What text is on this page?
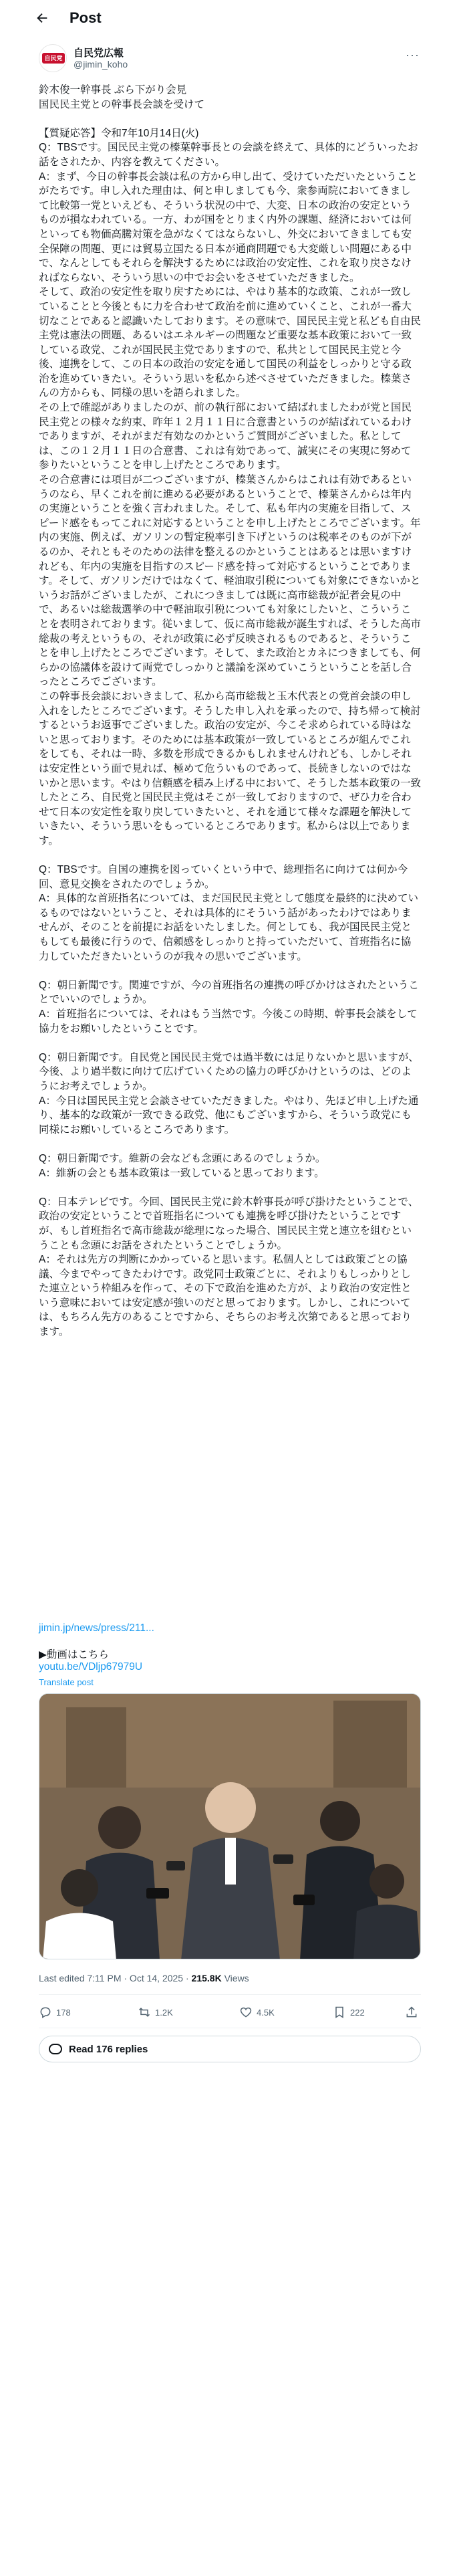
Post
自民党 自民党広報
@jimin_koho
···
鈴木俊一幹事長 ぶら下がり会見
国民民主党との幹事長会談を受けて

【質疑応答】令和7年10月14日(火)
Q：TBSです。国民民主党の榛葉幹事長との会談を終えて、具体的にどういったお話をされたか、内容を教えてください。
A：まず、今日の幹事長会談は私の方から申し出て、受けていただいたということがたちです。申し入れた理由は、何と申しましても今、衆参両院においてきまして比較第一党といえども、そういう状況の中で、大変、日本の政治の安定というものが損なわれている。一方、わが国をとりまく内外の課題、経済においては何といっても物価高騰対策を急がなくてはならないし、外交においてきましても安全保障の問題、更には貿易立国たる日本が通商問題でも大変厳しい問題にある中で、なんとしてもそれらを解決するためには政治の安定性、これを取り戻さなければならない、そういう思いの中でお会いをさせていただきました。
そして、政治の安定性を取り戻すためには、やはり基本的な政策、これが一致していることと今後ともに力を合わせて政治を前に進めていくこと、これが一番大切なことであると認識いたしております。その意味で、国民民主党と私ども自由民主党は憲法の問題、あるいはエネルギーの問題など重要な基本政策において一致している政党、これが国民民主党でありますので、私共として国民民主党と今後、連携をして、この日本の政治の安定を通して国民の利益をしっかりと守る政治を進めていきたい。そういう思いを私から述べさせていただきました。榛葉さんの方からも、同様の思いを語られました。
その上で確認がありましたのが、前の執行部において結ばれましたわが党と国民民主党との様々な約束、昨年１２月１１日に合意書というのが結ばれているわけでありますが、それがまだ有効なのかというご質問がございました。私としては、この１２月１１日の合意書、これは有効であって、誠実にその実現に努めて参りたいということを申し上げたところであります。
その合意書には項目が二つございますが、榛葉さんからはこれは有効であるというのなら、早くこれを前に進める必要があるということで、榛葉さんからは年内の実施ということを強く言われました。そして、私も年内の実施を目指して、スピード感をもってこれに対応するということを申し上げたところでございます。年内の実施、例えば、ガソリンの暫定税率引き下げというのは税率そのものが下がるのか、それともそのための法律を整えるのかということはあるとは思いますけれども、年内の実施を目指すのスピード感を持って対応するということであります。そして、ガソリンだけではなくて、軽油取引税についても対象にできないかというお話がございましたが、これにつきましては既に高市総裁が記者会見の中で、あるいは総裁選挙の中で軽油取引税についても対象にしたいと、こういうことを表明されております。従いまして、仮に高市総裁が誕生すれば、そうした高市総裁の考えというもの、それが政策に必ず反映されるものであると、そういうことを申し上げたところでございます。そして、また政治とカネにつきましても、何らかの協議体を設けて両党でしっかりと議論を深めていこうということを話し合ったところでございます。
この幹事長会談においきまして、私から高市総裁と玉木代表との党首会談の申し入れをしたところでございます。そうした申し入れを承ったので、持ち帰って検討するというお返事でございました。政治の安定が、今こそ求められている時はないと思っております。そのためには基本政策が一致しているところが組んでこれをしても、それは一時、多数を形成できるかもしれませんけれども、しかしそれは安定性という面で見れば、極めて危ういものであって、長続きしないのではないかと思います。やはり信頼感を積み上げる中において、そうした基本政策の一致したところ、自民党と国民民主党はそこが一致しておりますので、ぜひ力を合わせて日本の安定性を取り戻していきたいと、それを通じて様々な課題を解決していきたい、そういう思いをもっているところであります。私からは以上であります。

Q：TBSです。自国の連携を図っていくという中で、総理指名に向けては何か今回、意見交換をされたのでしょうか。
A：具体的な首班指名については、まだ国民民主党として態度を最終的に決めているものではないということ、それは具体的にそういう話があったわけではありませんが、そのことを前提にお話をいたしました。何としても、我が国民民主党ともしても最後に行うので、信頼感をしっかりと持っていただいて、首班指名に協力していただきたいというのが我々の思いでございます。

Q：朝日新聞です。関連ですが、今の首班指名の連携の呼びかけはされたということでいいのでしょうか。
A：首班指名については、それはもう当然です。今後この時期、幹事長会談をして協力をお願いしたということです。

Q：朝日新聞です。自民党と国民民主党では過半数には足りないかと思いますが、今後、より過半数に向けて広げていくための協力の呼びかけというのは、どのようにお考えでしょうか。
A：今日は国民民主党と会談させていただきました。やはり、先ほど申し上げた通り、基本的な政策が一致できる政党、他にもございますから、そういう政党にも同様にお願いしているところであります。

Q：朝日新聞です。維新の会なども念頭にあるのでしょうか。
A：維新の会とも基本政策は一致していると思っております。

Q：日本テレビです。今回、国民民主党に鈴木幹事長が呼び掛けたということで、政治の安定ということで首班指名についても連携を呼び掛けたということですが、もし首班指名で高市総裁が総理になった場合、国民民主党と連立を組むということも念頭にお話をされたということでしょうか。
A：それは先方の判断にかかっていると思います。私個人としては政策ごとの協議、今までやってきたわけです。政党同士政策ごとに、それよりもしっかりとした連立という枠組みを作って、その下で政治を進めた方が、より政治の安定性という意味においては安定感が強いのだと思っております。しかし、これについては、もちろん先方のあることですから、そちらのお考え次第であると思っております。
jimin.jp/news/press/211...
▶動画はこちら
youtu.be/VDljp67979U
Translate post
Last edited 7:11 PM · Oct 14, 2025 · 215.8K Views
178	1.2K	4.5K	222
Read 176 replies
